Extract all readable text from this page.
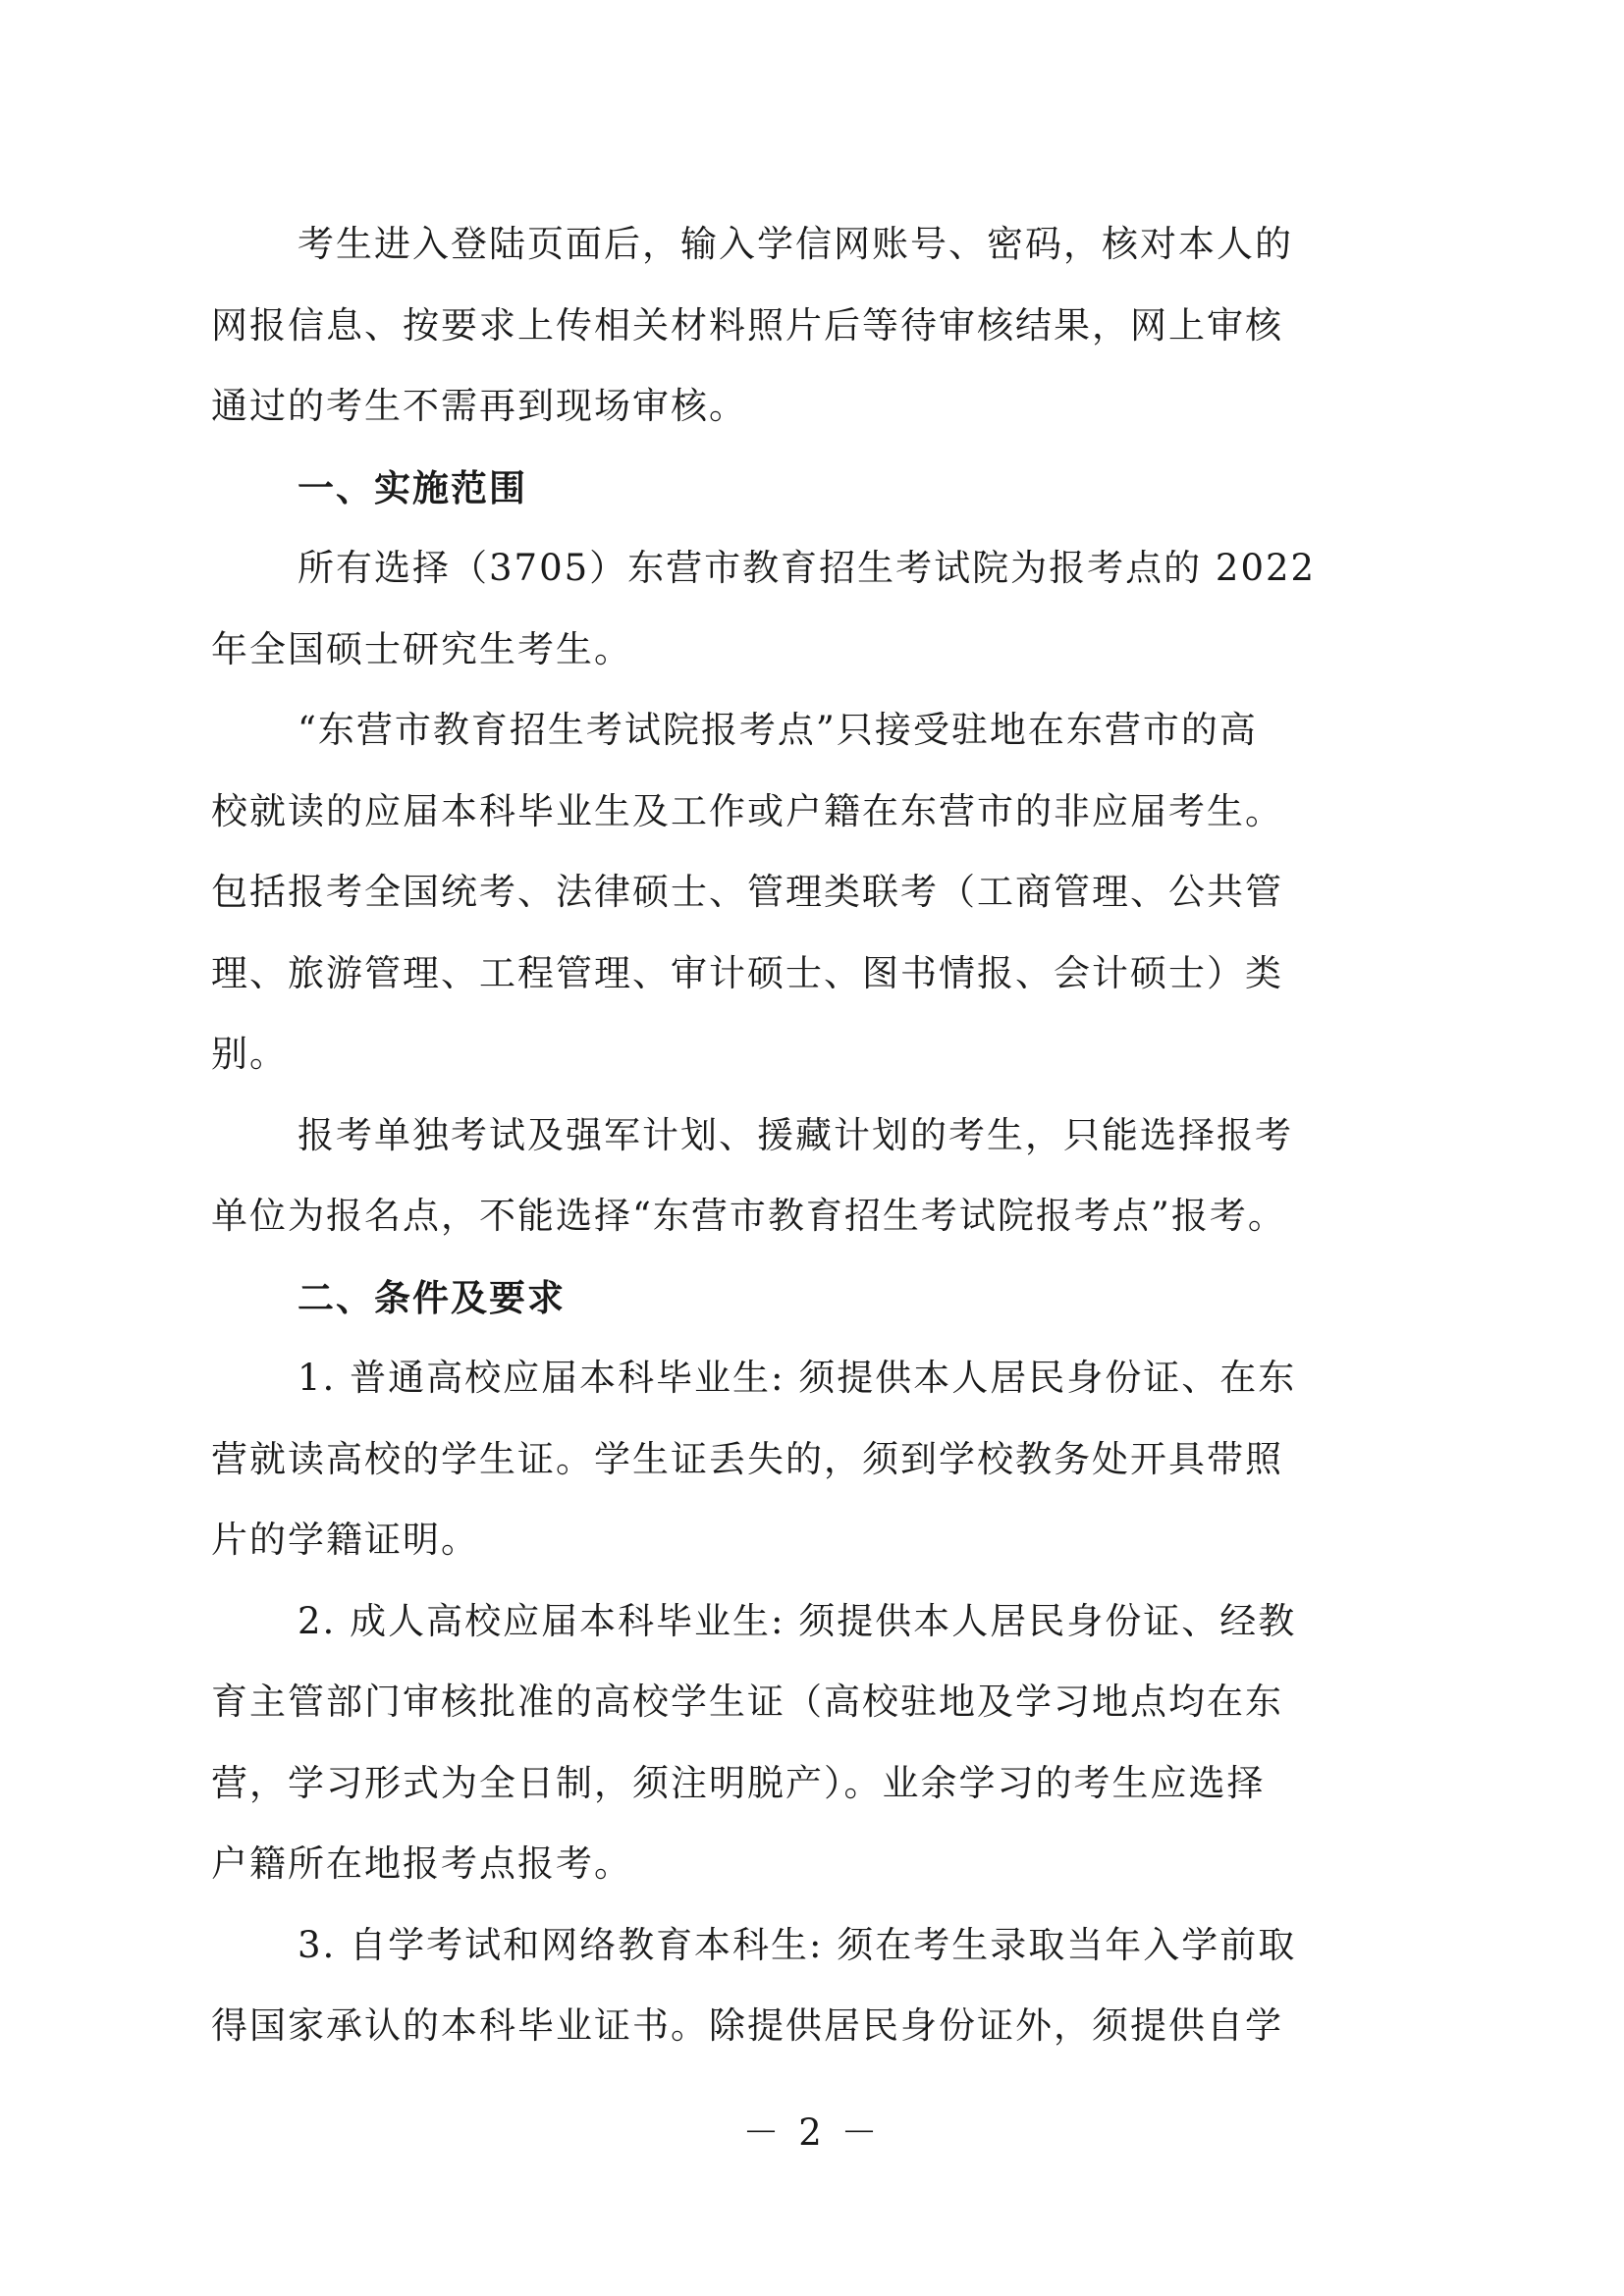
考生进入登陆页面后，输入学信网账号、密码，核对本人的
网报信息、按要求上传相关材料照片后等待审核结果，网上审核
通过的考生不需再到现场审核。

一、实施范围

所有选择（3705）东营市教育招生考试院为报考点的 2022
年全国硕士研究生考生。

“东营市教育招生考试院报考点”只接受驻地在东营市的高
校就读的应届本科毕业生及工作或户籍在东营市的非应届考生。
包括报考全国统考、法律硕士、管理类联考（工商管理、公共管
理、旅游管理、工程管理、审计硕士、图书情报、会计硕士）类
别。

报考单独考试及强军计划、援藏计划的考生，只能选择报考
单位为报名点，不能选择“东营市教育招生考试院报考点”报考。

二、条件及要求

1. 普通高校应届本科毕业生: 须提供本人居民身份证、在东
营就读高校的学生证。学生证丢失的，须到学校教务处开具带照
片的学籍证明。

2. 成人高校应届本科毕业生: 须提供本人居民身份证、经教
育主管部门审核批准的高校学生证（高校驻地及学习地点均在东
营，学习形式为全日制，须注明脱产）。业余学习的考生应选择
户籍所在地报考点报考。

3. 自学考试和网络教育本科生: 须在考生录取当年入学前取
得国家承认的本科毕业证书。除提供居民身份证外，须提供自学

－ 2 －
